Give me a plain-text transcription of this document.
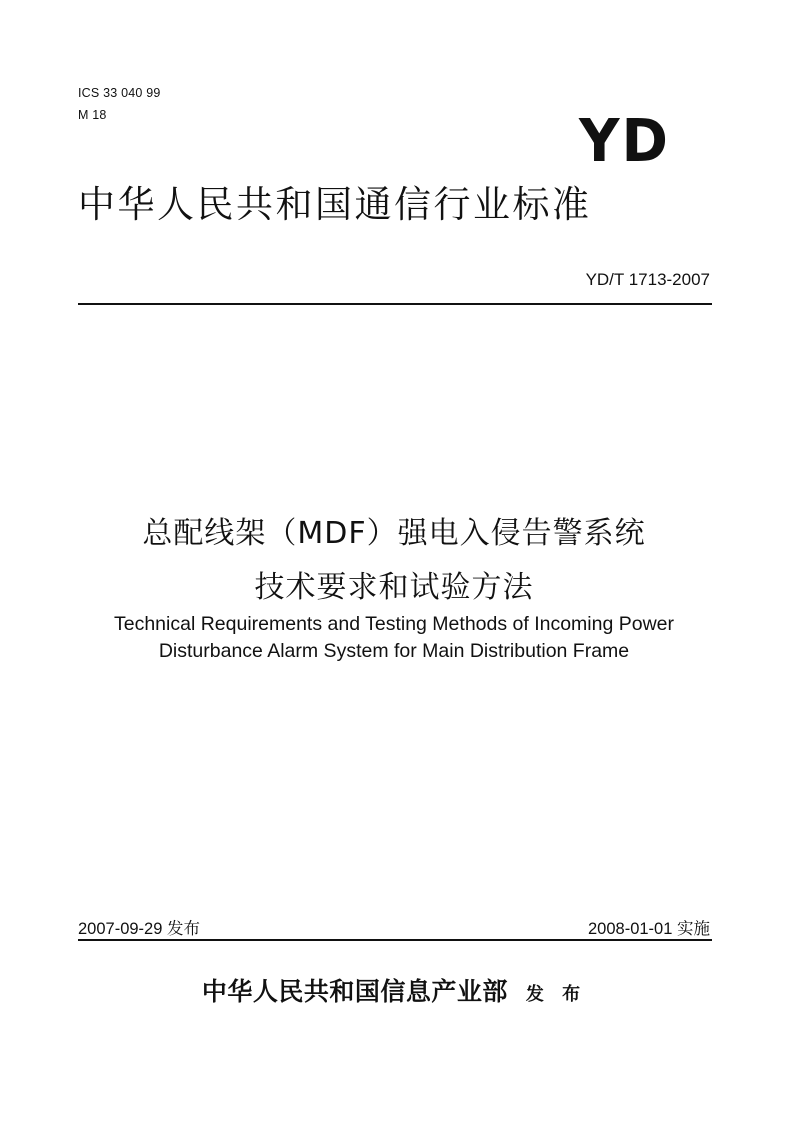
ICS 33 040 99
M 18	YD
中华人民共和国通信行业标准
YD/T 1713-2007
总配线架（MDF）强电入侵告警系统
技术要求和试验方法
Technical Requirements and Testing Methods of Incoming Power
Disturbance Alarm System for Main Distribution Frame
2007-09-29 发布	2008-01-01 实施
中华人民共和国信息产业部 发 布
